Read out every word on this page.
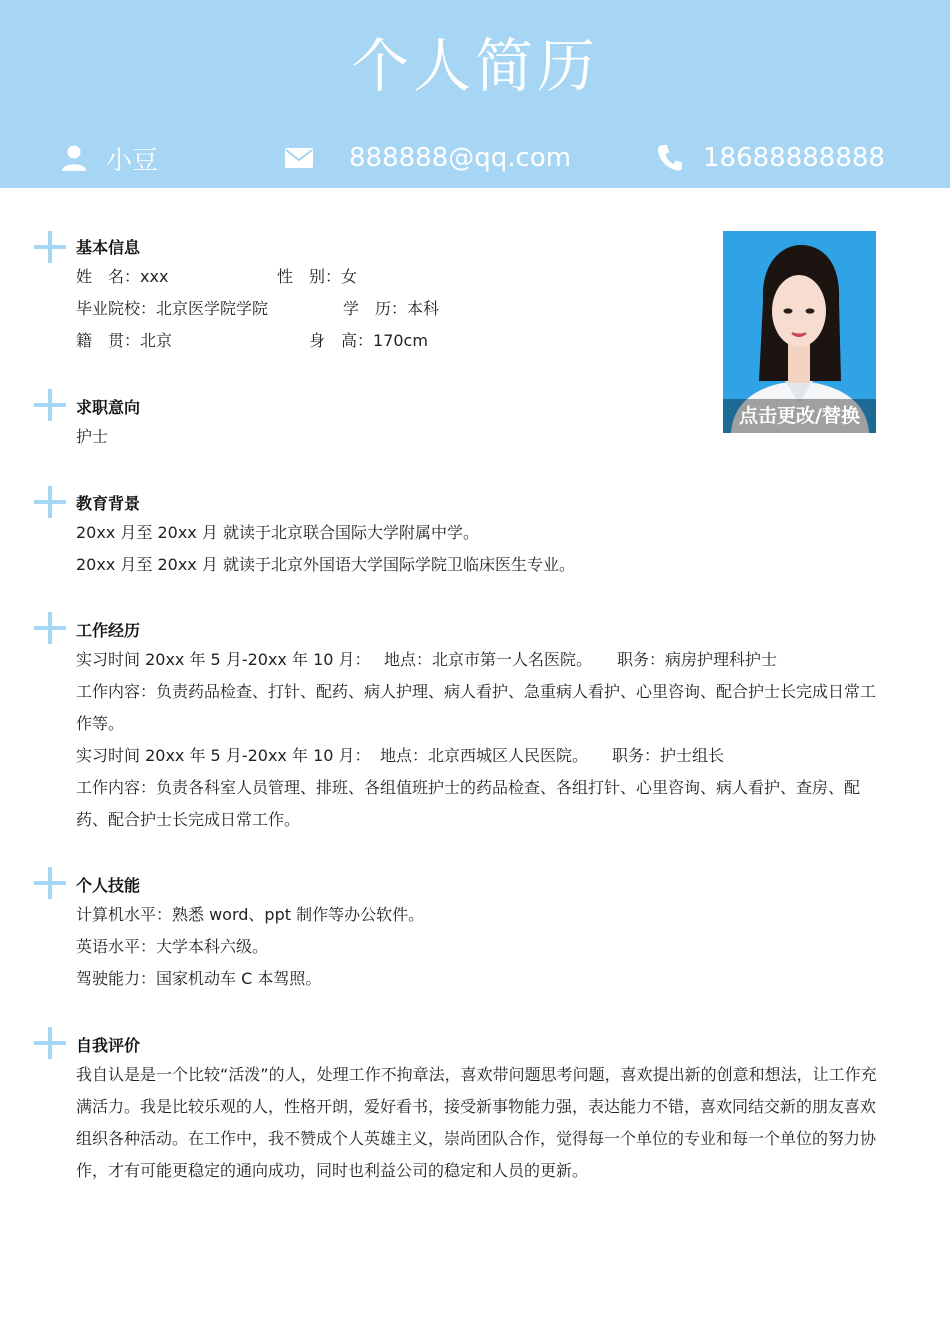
个人简历
小豆	888888@qq.com	18688888888
点击更改/替换
基本信息
姓　名：xxx	性　别：女
毕业院校：北京医学院学院	学　历：本科
籍　贯：北京	身　高：170cm
求职意向
护士
教育背景
20xx 月至 20xx 月 就读于北京联合国际大学附属中学。
20xx 月至 20xx 月 就读于北京外国语大学国际学院卫临床医生专业。
工作经历
实习时间 20xx 年 5 月-20xx 年 10 月： 地点：北京市第一人名医院。 职务：病房护理科护士
工作内容：负责药品检查、打针、配药、病人护理、病人看护、急重病人看护、心里咨询、配合护士长完成日常工作等。
实习时间 20xx 年 5 月-20xx 年 10 月： 地点：北京西城区人民医院。 职务：护士组长
工作内容：负责各科室人员管理、排班、各组值班护士的药品检查、各组打针、心里咨询、病人看护、查房、配药、配合护士长完成日常工作。
个人技能
计算机水平：熟悉 word、ppt 制作等办公软件。
英语水平：大学本科六级。
驾驶能力：国家机动车 C 本驾照。
自我评价
我自认是是一个比较“活泼”的人，处理工作不拘章法，喜欢带问题思考问题，喜欢提出新的创意和想法，让工作充满活力。我是比较乐观的人，性格开朗，爱好看书，接受新事物能力强，表达能力不错，喜欢同结交新的朋友喜欢组织各种活动。在工作中，我不赞成个人英雄主义，崇尚团队合作，觉得每一个单位的专业和每一个单位的努力协作，才有可能更稳定的通向成功，同时也利益公司的稳定和人员的更新。
